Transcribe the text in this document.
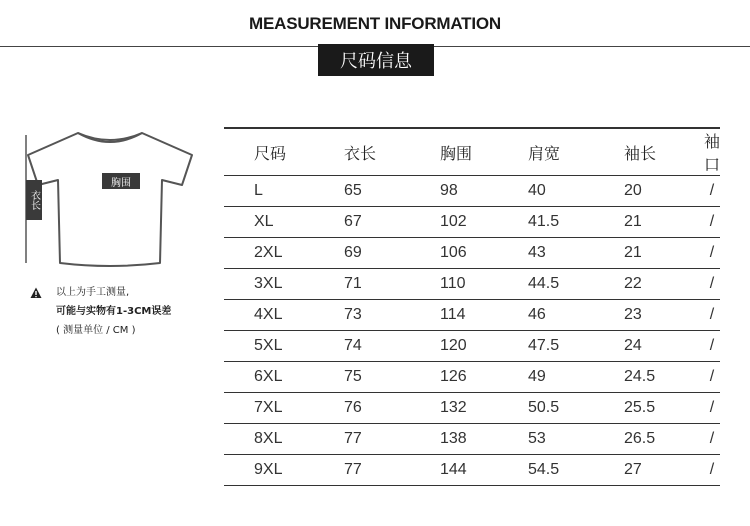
MEASUREMENT INFORMATION
尺码信息
胸围
衣长
以上为手工测量,
可能与实物有1-3CM误差
( 测量单位 / CM )
尺码	衣长	胸围	肩宽	袖长	袖口
L	65	98	40	20	/
XL	67	102	41.5	21	/
2XL	69	106	43	21	/
3XL	71	110	44.5	22	/
4XL	73	114	46	23	/
5XL	74	120	47.5	24	/
6XL	75	126	49	24.5	/
7XL	76	132	50.5	25.5	/
8XL	77	138	53	26.5	/
9XL	77	144	54.5	27	/
